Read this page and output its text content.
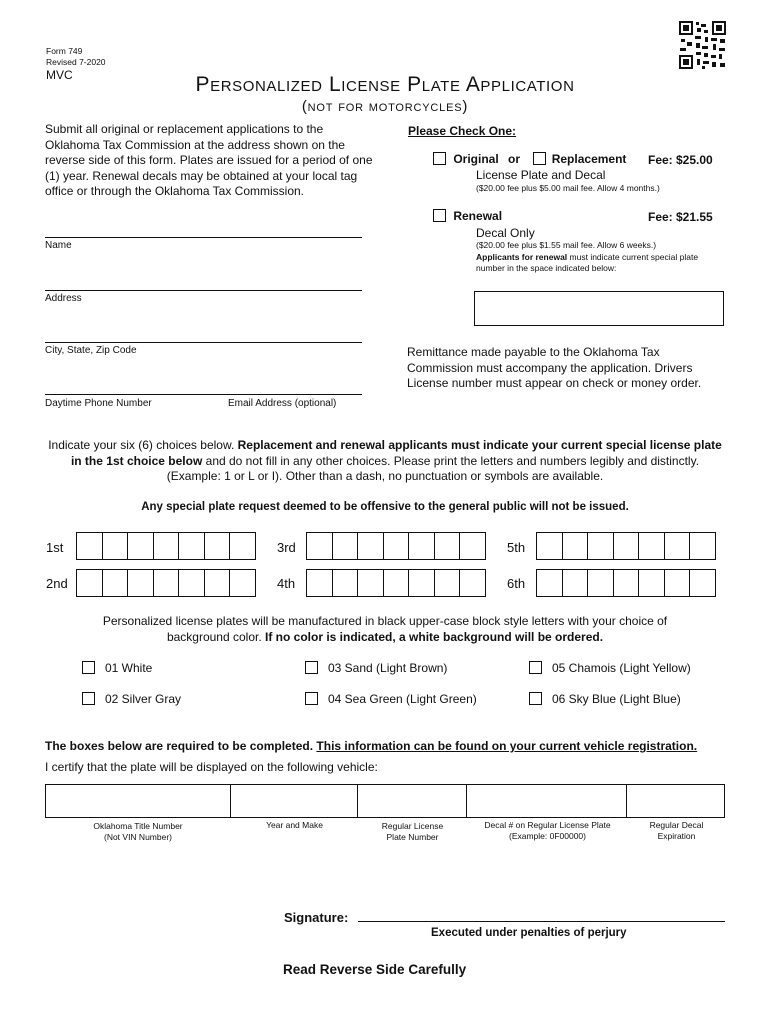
Form 749
Revised 7-2020
MVC	Personalized License Plate Application
(not for motorcycles)
Submit all original or replacement applications to the Oklahoma Tax Commission at the address shown on the reverse side of this form. Plates are issued for a period of one (1) year. Renewal decals may be obtained at your local tag office or through the Oklahoma Tax Commission.
Name
Address
City, State, Zip Code
Daytime Phone Number	Email Address (optional)
Please Check One:
Original or	Replacement Fee: $25.00
License Plate and Decal
($20.00 fee plus $5.00 mail fee. Allow 4 months.)
Renewal	Fee: $21.55
Decal Only
($20.00 fee plus $1.55 mail fee. Allow 6 weeks.)
Applicants for renewal must indicate current special plate number in the space indicated below:
Remittance made payable to the Oklahoma Tax Commission must accompany the application. Drivers License number must appear on check or money order.
Indicate your six (6) choices below. Replacement and renewal applicants must indicate your current special license plate in the 1st choice below and do not fill in any other choices. Please print the letters and numbers legibly and distinctly. (Example: 1 or L or I). Other than a dash, no punctuation or symbols are available.
Any special plate request deemed to be offensive to the general public will not be issued.
1st
2nd
3rd
4th
5th
6th
Personalized license plates will be manufactured in black upper-case block style letters with your choice of background color. If no color is indicated, a white background will be ordered.
01 White
02 Silver Gray
03 Sand (Light Brown)
04 Sea Green (Light Green)
05 Chamois (Light Yellow)
06 Sky Blue (Light Blue)
The boxes below are required to be completed. This information can be found on your current vehicle registration.
I certify that the plate will be displayed on the following vehicle:
Oklahoma Title Number
(Not VIN Number)
Year and Make	Regular License
Plate Number
Decal # on Regular License Plate
(Example: 0F00000)
Regular Decal
Expiration
Signature:
Executed under penalties of perjury
Read Reverse Side Carefully
